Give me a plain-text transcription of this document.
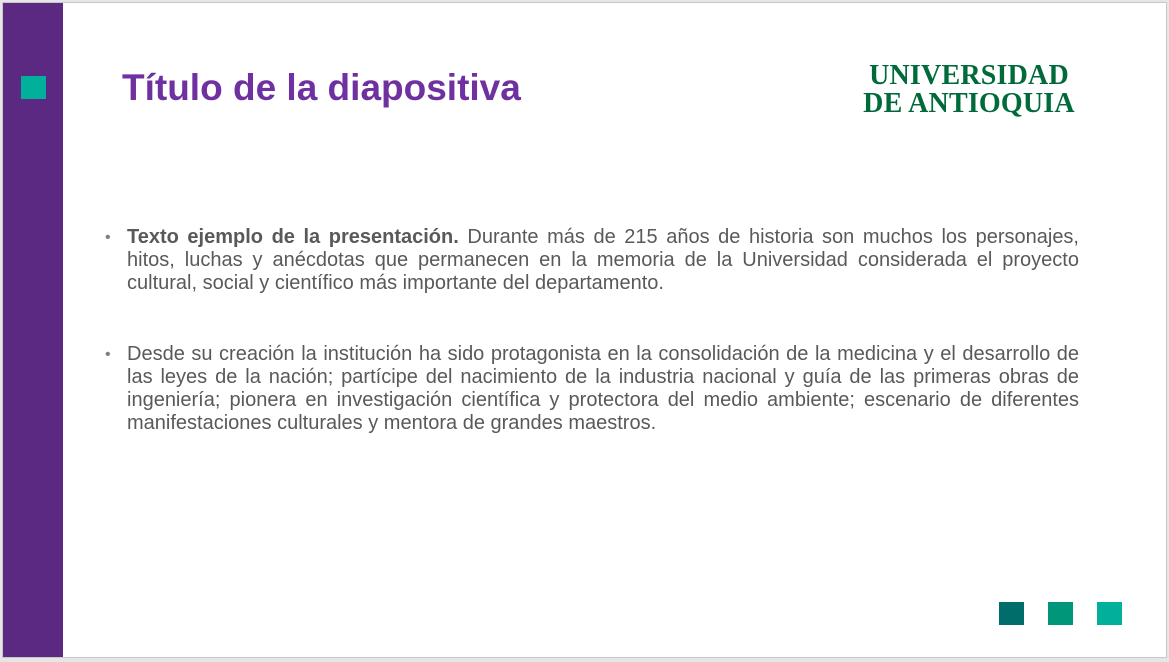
Título de la diapositiva	UNIVERSIDAD
DE ANTIOQUIA
• Texto ejemplo de la presentación. Durante más de 215 años de historia son muchos los personajes, hitos, luchas y anécdotas que permanecen en la memoria de la Universidad considerada el proyecto cultural, social y científico más importante del departamento.
• Desde su creación la institución ha sido protagonista en la consolidación de la medicina y el desarrollo de las leyes de la nación; partícipe del nacimiento de la industria nacional y guía de las primeras obras de ingeniería; pionera en investigación científica y protectora del medio ambiente; escenario de diferentes manifestaciones culturales y mentora de grandes maestros.
